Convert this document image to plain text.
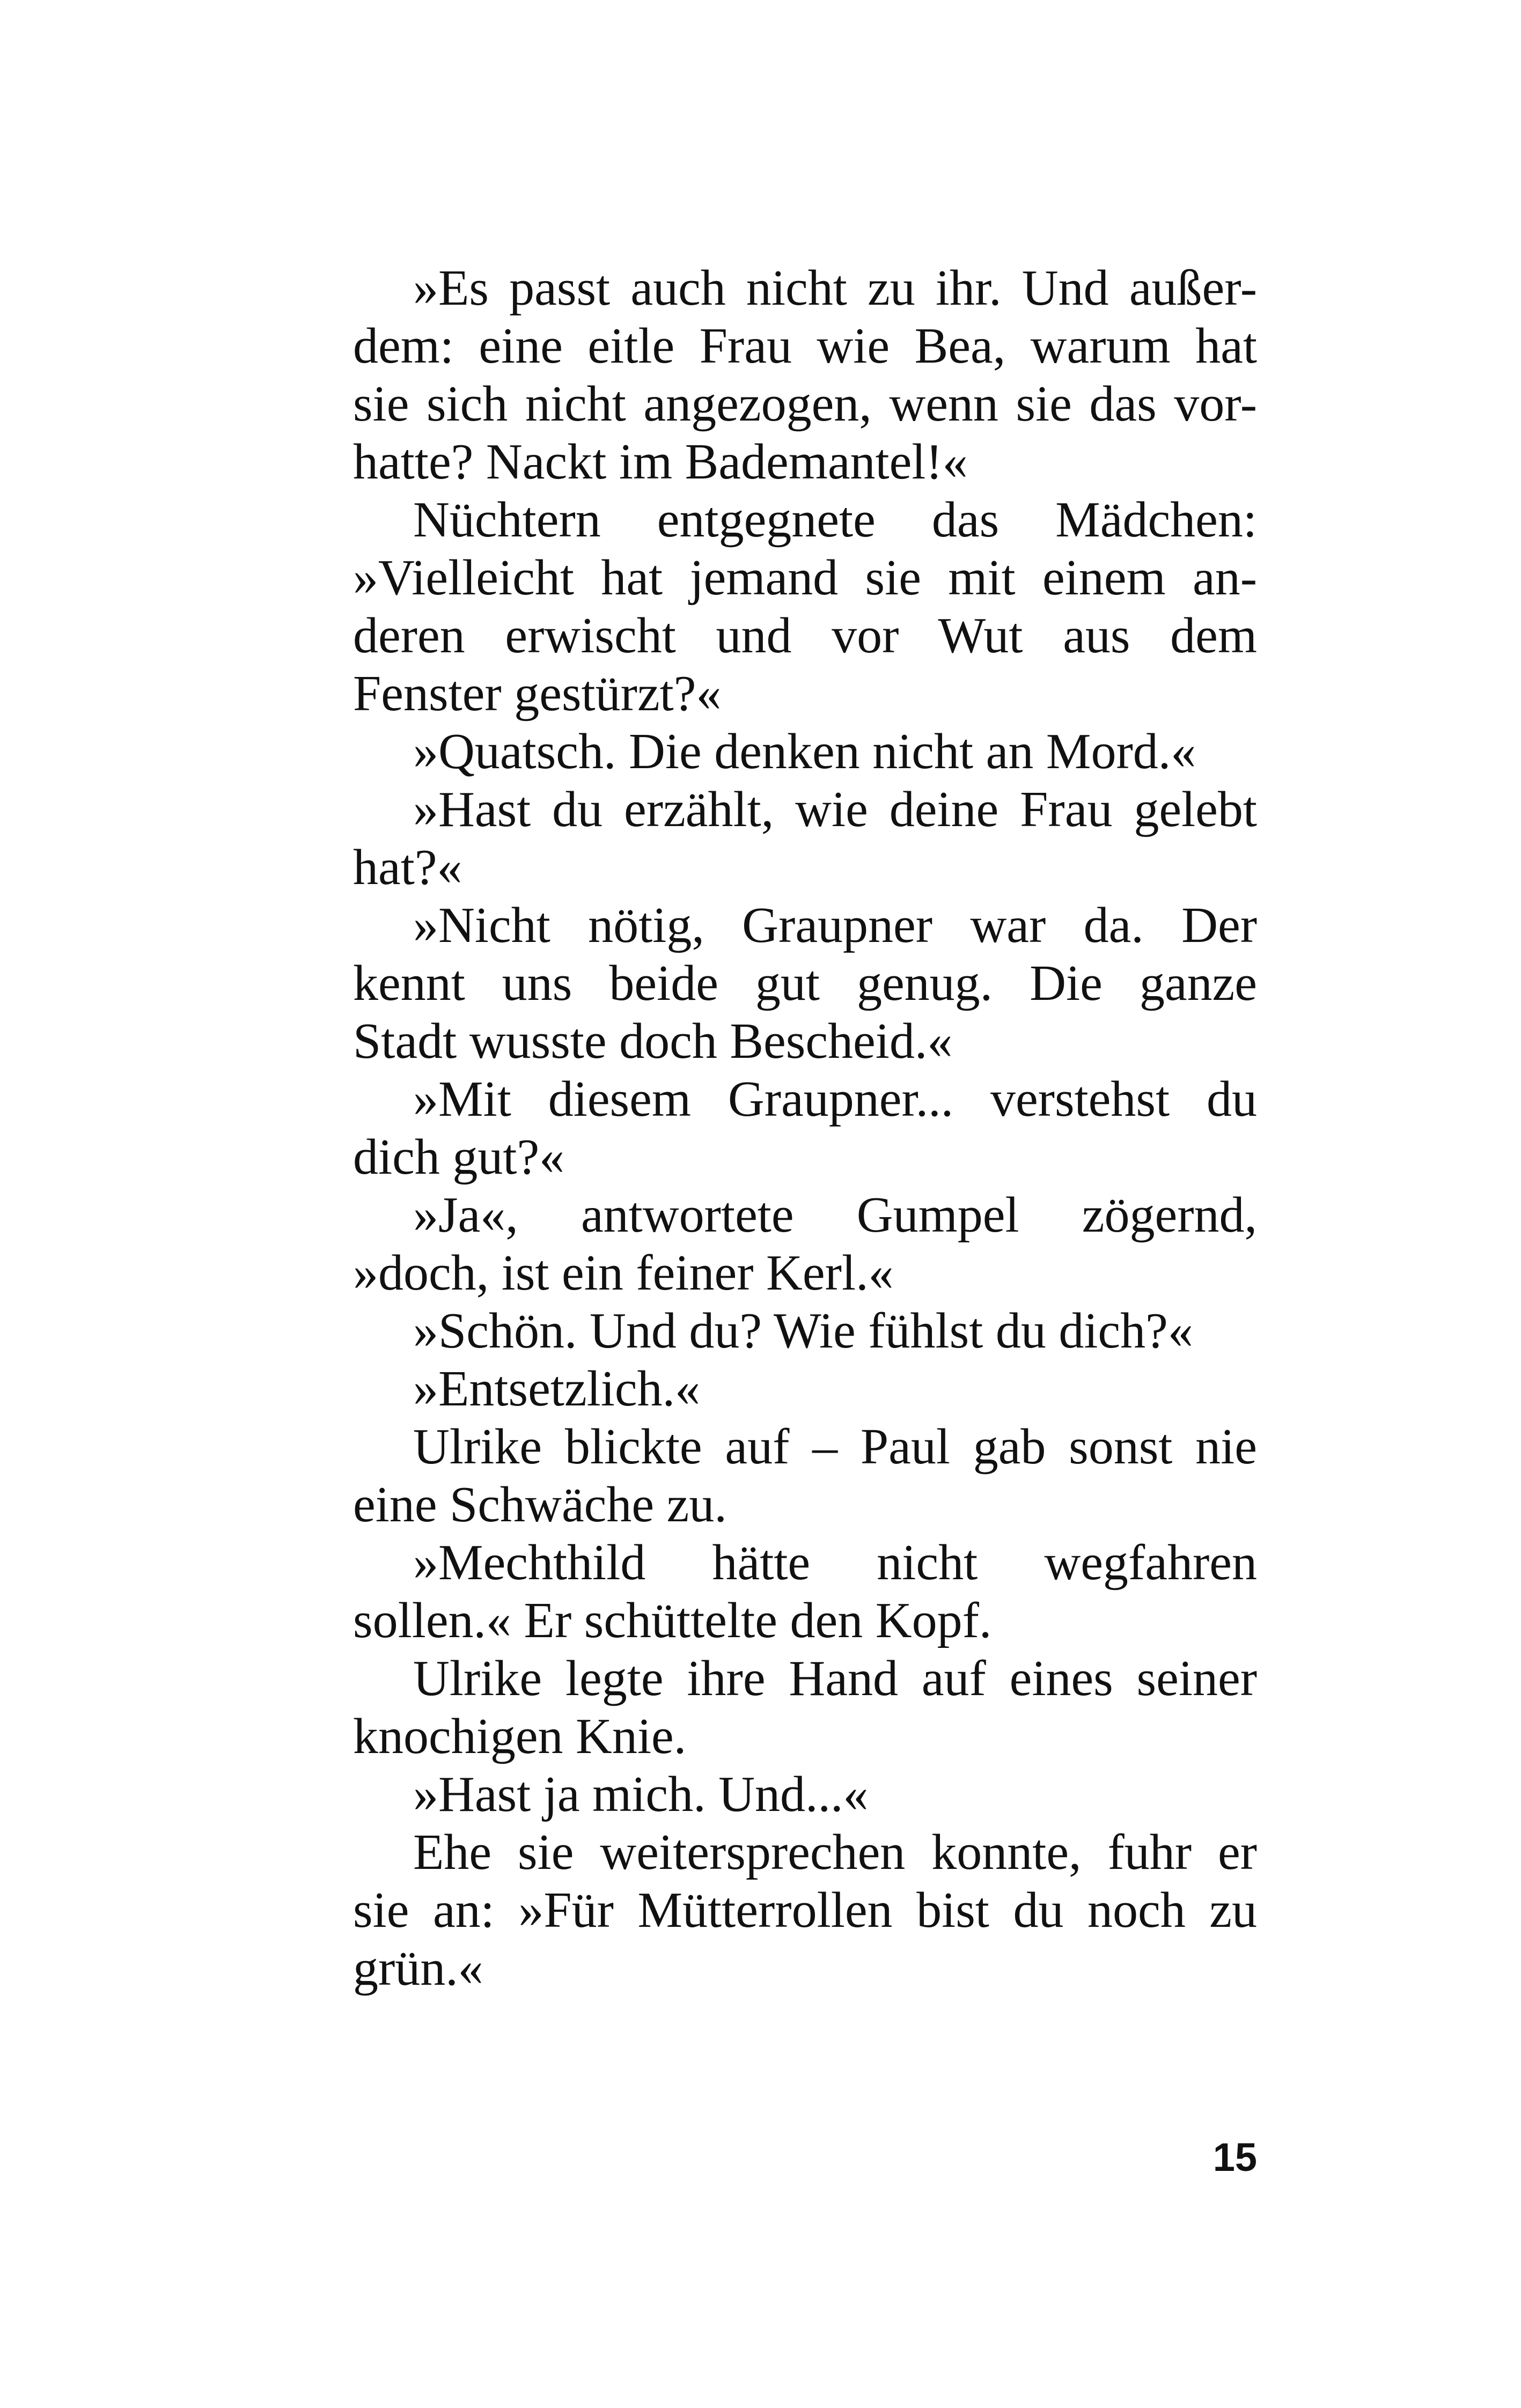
»Es passt auch nicht zu ihr. Und außer-
dem: eine eitle Frau wie Bea, warum hat
sie sich nicht angezogen, wenn sie das vor-
hatte? Nackt im Bademantel!«
Nüchtern entgegnete das Mädchen:
»Vielleicht hat jemand sie mit einem an-
deren erwischt und vor Wut aus dem
Fenster gestürzt?«
»Quatsch. Die denken nicht an Mord.«
»Hast du erzählt, wie deine Frau gelebt
hat?«
»Nicht nötig, Graupner war da. Der
kennt uns beide gut genug. Die ganze
Stadt wusste doch Bescheid.«
»Mit diesem Graupner... verstehst du
dich gut?«
»Ja«, antwortete Gumpel zögernd,
»doch, ist ein feiner Kerl.«
»Schön. Und du? Wie fühlst du dich?«
»Entsetzlich.«
Ulrike blickte auf – Paul gab sonst nie
eine Schwäche zu.
»Mechthild hätte nicht wegfahren
sollen.« Er schüttelte den Kopf.
Ulrike legte ihre Hand auf eines seiner
knochigen Knie.
»Hast ja mich. Und...«
Ehe sie weitersprechen konnte, fuhr er
sie an: »Für Mütterrollen bist du noch zu
grün.«
15
